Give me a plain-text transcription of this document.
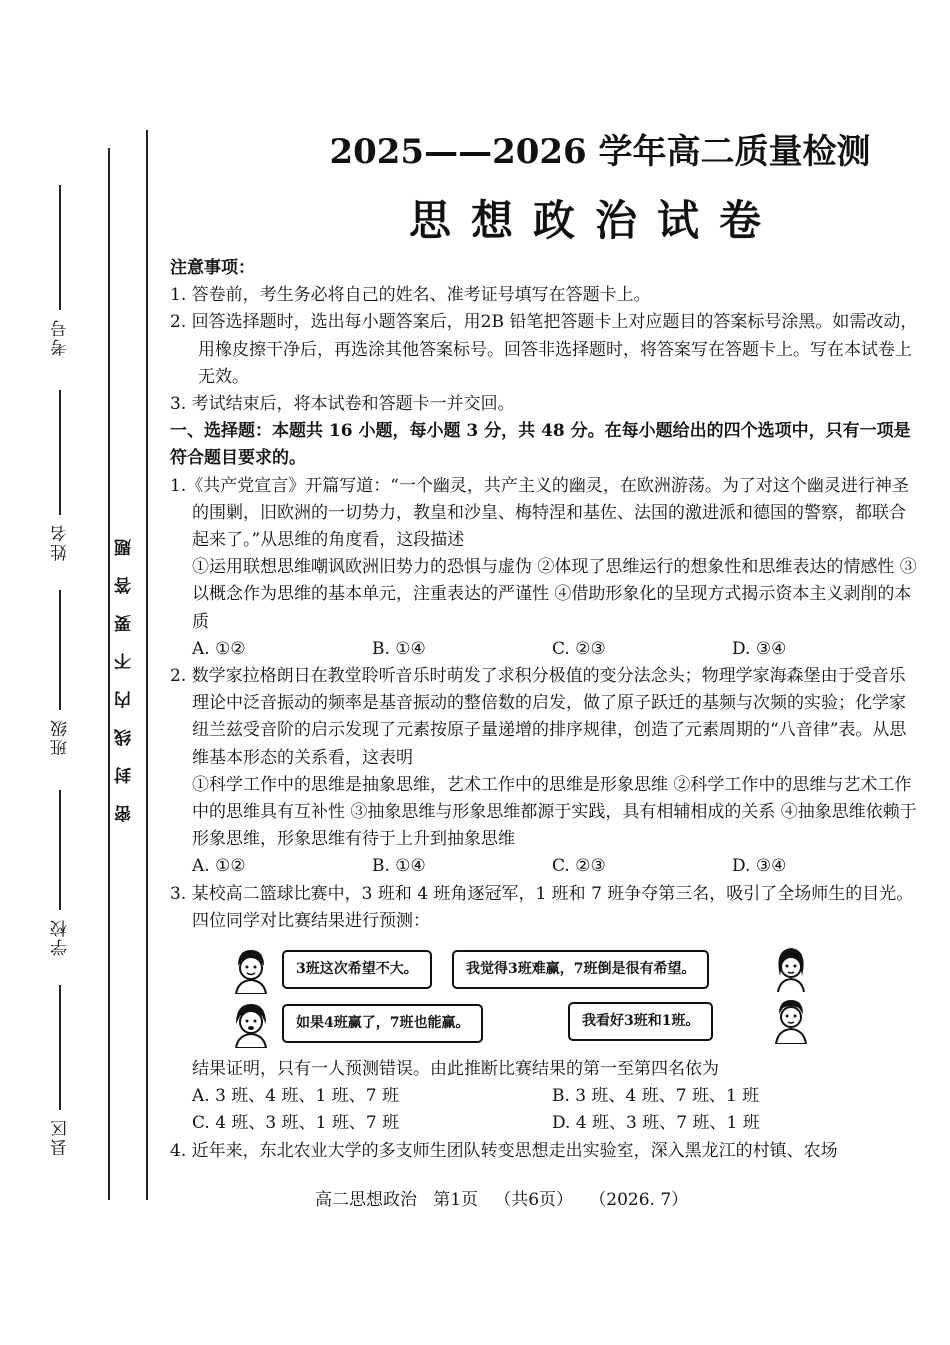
考号
姓名
班级
学校
县区
密封线内不要答题
2025——2026 学年高二质量检测
思想政治试卷
注意事项：
1. 答卷前，考生务必将自己的姓名、准考证号填写在答题卡上。
2. 回答选择题时，选出每小题答案后，用2B 铅笔把答题卡上对应题目的答案标号涂黑。如需改动，用橡皮擦干净后，再选涂其他答案标号。回答非选择题时，将答案写在答题卡上。写在本试卷上无效。
3. 考试结束后，将本试卷和答题卡一并交回。
一、选择题：本题共 16 小题，每小题 3 分，共 48 分。在每小题给出的四个选项中，只有一项是符合题目要求的。
1.《共产党宣言》开篇写道：“一个幽灵，共产主义的幽灵，在欧洲游荡。为了对这个幽灵进行神圣的围剿，旧欧洲的一切势力，教皇和沙皇、梅特涅和基佐、法国的激进派和德国的警察，都联合起来了。”从思维的角度看，这段描述
①运用联想思维嘲讽欧洲旧势力的恐惧与虚伪 ②体现了思维运行的想象性和思维表达的情感性 ③以概念作为思维的基本单元，注重表达的严谨性 ④借助形象化的呈现方式揭示资本主义剥削的本质
A. ①②	B. ①④	C. ②③	D. ③④
2. 数学家拉格朗日在教堂聆听音乐时萌发了求积分极值的变分法念头；物理学家海森堡由于受音乐理论中泛音振动的频率是基音振动的整倍数的启发，做了原子跃迁的基频与次频的实验；化学家纽兰兹受音阶的启示发现了元素按原子量递增的排序规律，创造了元素周期的“八音律”表。从思维基本形态的关系看，这表明
①科学工作中的思维是抽象思维，艺术工作中的思维是形象思维 ②科学工作中的思维与艺术工作中的思维具有互补性 ③抽象思维与形象思维都源于实践，具有相辅相成的关系 ④抽象思维依赖于形象思维，形象思维有待于上升到抽象思维
A. ①②	B. ①④	C. ②③	D. ③④
3. 某校高二篮球比赛中，3 班和 4 班角逐冠军，1 班和 7 班争夺第三名，吸引了全场师生的目光。四位同学对比赛结果进行预测：
3班这次希望不大。	我觉得3班难赢，7班倒是很有希望。
如果4班赢了，7班也能赢。	我看好3班和1班。
结果证明，只有一人预测错误。由此推断比赛结果的第一至第四名依为
A. 3 班、4 班、1 班、7 班	B. 3 班、4 班、7 班、1 班
C. 4 班、3 班、1 班、7 班	D. 4 班、3 班、7 班、1 班
4. 近年来，东北农业大学的多支师生团队转变思想走出实验室，深入黑龙江的村镇、农场
高二思想政治   第1页   （共6页）   （2026. 7）
